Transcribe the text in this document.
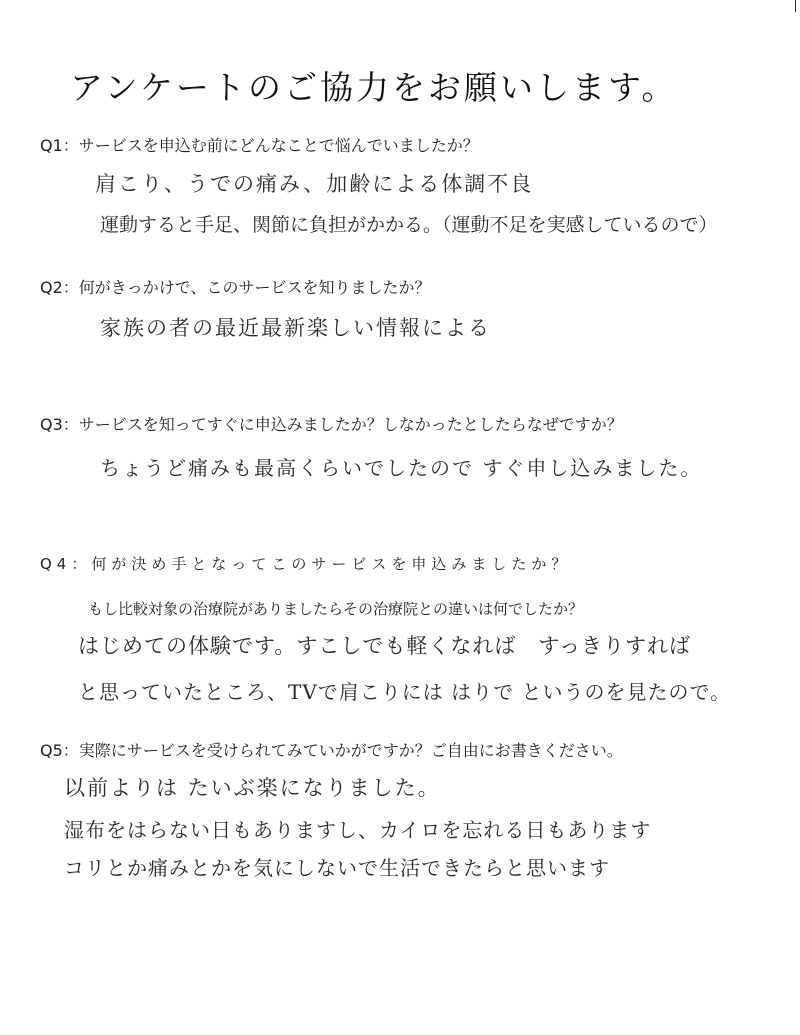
アンケートのご協力をお願いします。
Q1：サービスを申込む前にどんなことで悩んでいましたか？
肩こり、うでの痛み、加齢による体調不良
運動すると手足、関節に負担がかかる。（運動不足を実感しているので）
Q2：何がきっかけで、このサービスを知りましたか？
家族の者の最近最新楽しい情報による
Q3：サービスを知ってすぐに申込みましたか？しなかったとしたらなぜですか？
ちょうど痛みも最高くらいでしたので すぐ申し込みました。
Q4：何が決め手となってこのサービスを申込みましたか？
もし比較対象の治療院がありましたらその治療院との違いは何でしたか？
はじめての体験です。すこしでも軽くなれば　すっきりすれば
と思っていたところ、TVで肩こりには はりで というのを見たので。
Q5：実際にサービスを受けられてみていかがですか？ご自由にお書きください。
以前よりは たいぶ楽になりました。
湿布をはらない日もありますし、カイロを忘れる日もあります
コリとか痛みとかを気にしないで生活できたらと思います
